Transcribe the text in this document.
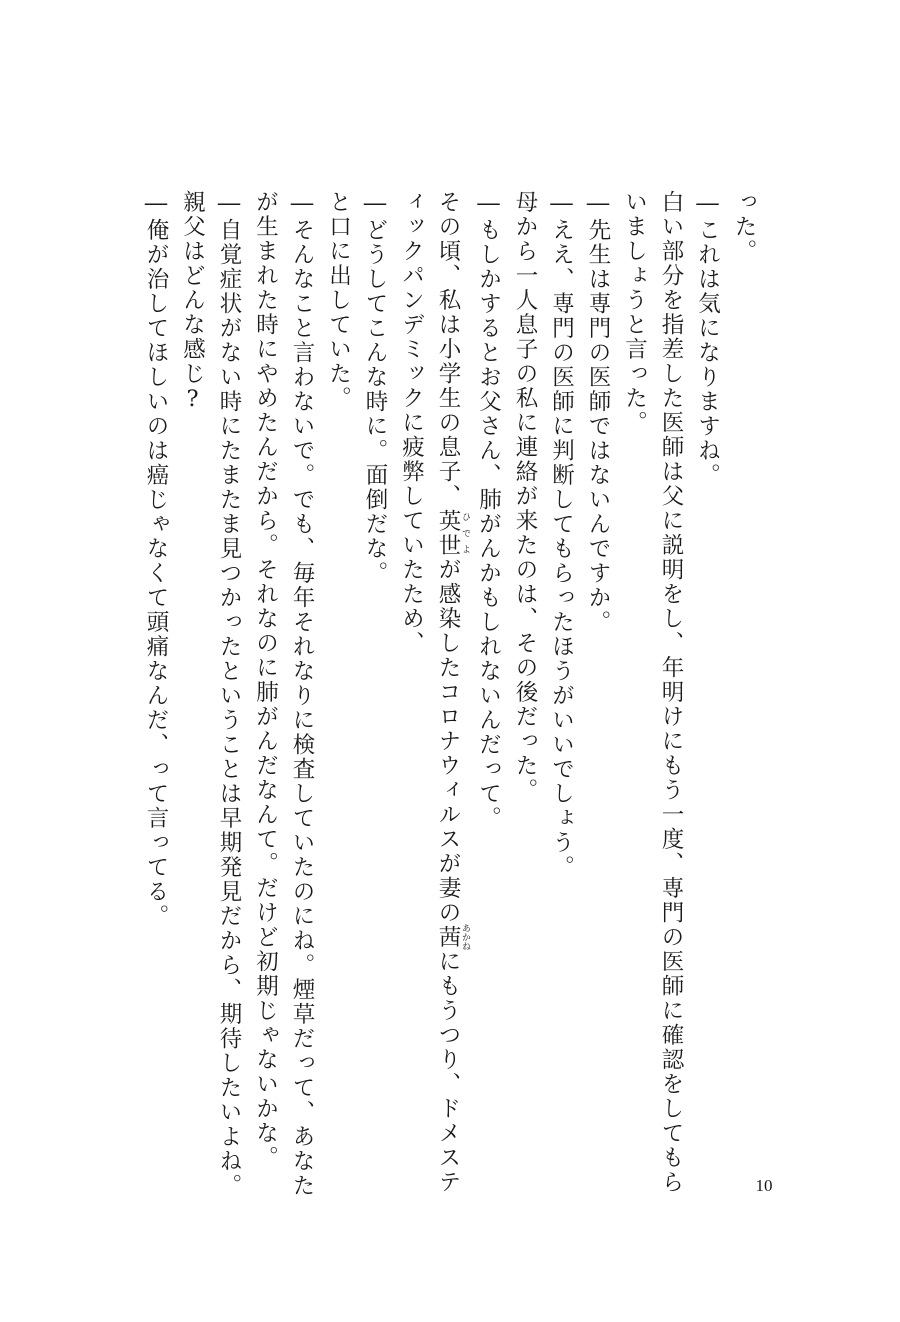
った。
―これは気になりますね。
白い部分を指差した医師は父に説明をし、年明けにもう一度、専門の医師に確認をしてもら
いましょうと言った。
―先生は専門の医師ではないんですか。
―ええ、専門の医師に判断してもらったほうがいいでしょう。
母から一人息子の私に連絡が来たのは、その後だった。
―もしかするとお父さん、肺がんかもしれないんだって。
その頃、私は小学生の息子、英世 ひでよが感染したコロナウィルスが妻の茜 あかねにもうつり、ドメステ
ィックパンデミックに疲弊していたため、
―どうしてこんな時に。面倒だな。
と口に出していた。
―そんなこと言わないで。でも、毎年それなりに検査していたのにね。煙草だって、あなた
が生まれた時にやめたんだから。それなのに肺がんだなんて。だけど初期じゃないかな。
―自覚症状がない時にたまたま見つかったということは早期発見だから、期待したいよね。
親父はどんな感じ?
―俺が治してほしいのは癌じゃなくて頭痛なんだ、って言ってる。
10
